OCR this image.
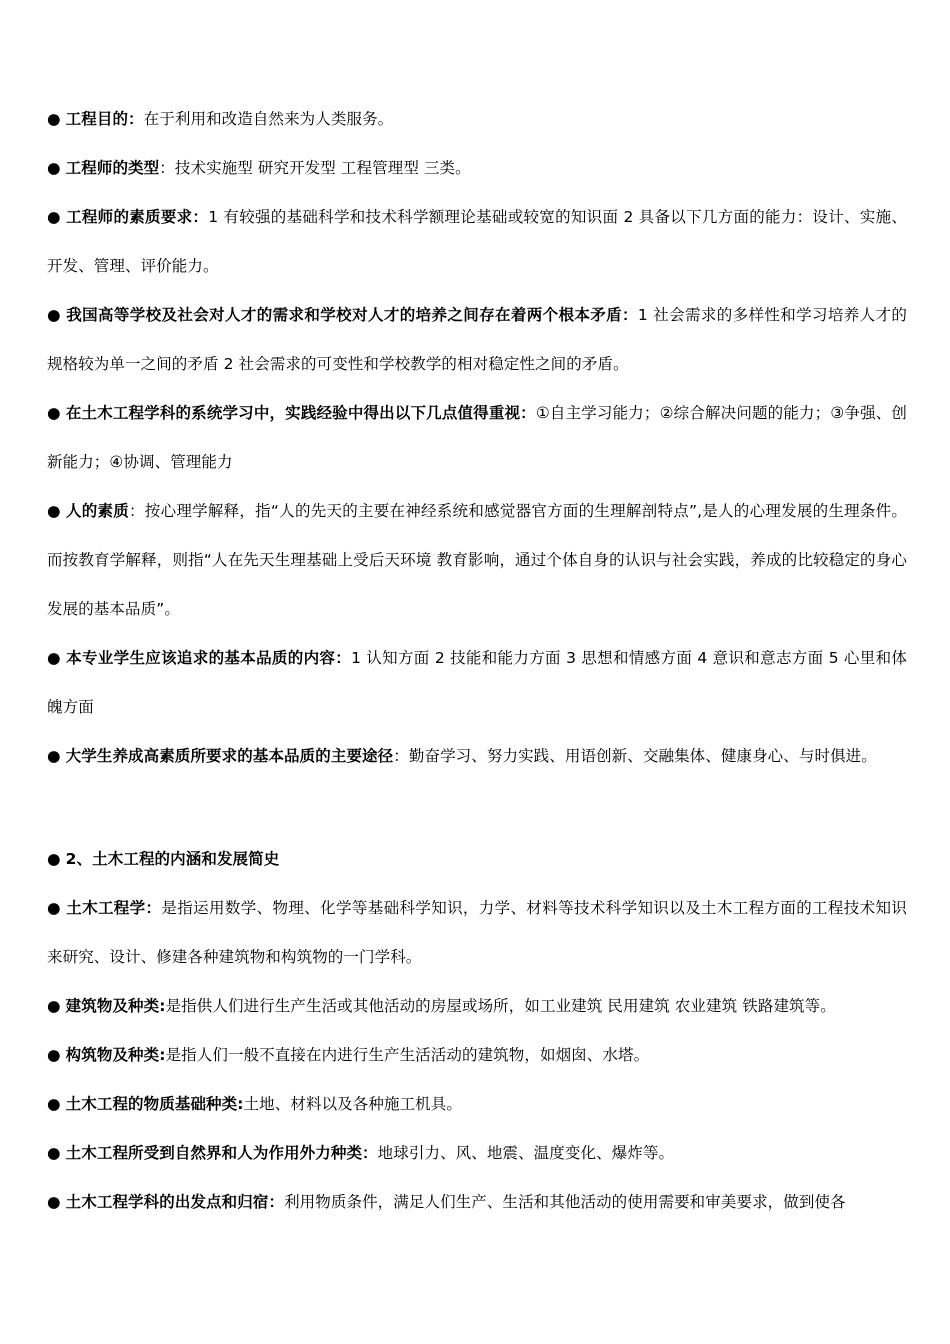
● 工程目的：在于利用和改造自然来为人类服务。

● 工程师的类型：技术实施型 研究开发型 工程管理型 三类。

● 工程师的素质要求：1 有较强的基础科学和技术科学额理论基础或较宽的知识面 2 具备以下几方面的能力：设计、实施、开发、管理、评价能力。

● 我国高等学校及社会对人才的需求和学校对人才的培养之间存在着两个根本矛盾：1 社会需求的多样性和学习培养人才的规格较为单一之间的矛盾 2 社会需求的可变性和学校教学的相对稳定性之间的矛盾。

● 在土木工程学科的系统学习中，实践经验中得出以下几点值得重视：①自主学习能力；②综合解决问题的能力；③争强、创新能力；④协调、管理能力

● 人的素质：按心理学解释，指“人的先天的主要在神经系统和感觉器官方面的生理解剖特点”,是人的心理发展的生理条件。而按教育学解释，则指“人在先天生理基础上受后天环境 教育影响，通过个体自身的认识与社会实践，养成的比较稳定的身心发展的基本品质”。

● 本专业学生应该追求的基本品质的内容：1 认知方面 2 技能和能力方面 3 思想和情感方面 4 意识和意志方面 5 心里和体魄方面

● 大学生养成高素质所要求的基本品质的主要途径：勤奋学习、努力实践、用语创新、交融集体、健康身心、与时俱进。

● 2、土木工程的内涵和发展简史

● 土木工程学：是指运用数学、物理、化学等基础科学知识，力学、材料等技术科学知识以及土木工程方面的工程技术知识来研究、设计、修建各种建筑物和构筑物的一门学科。

● 建筑物及种类:是指供人们进行生产生活或其他活动的房屋或场所，如工业建筑 民用建筑 农业建筑 铁路建筑等。

● 构筑物及种类:是指人们一般不直接在内进行生产生活活动的建筑物，如烟囱、水塔。

● 土木工程的物质基础种类:土地、材料以及各种施工机具。

● 土木工程所受到自然界和人为作用外力种类：地球引力、风、地震、温度变化、爆炸等。

● 土木工程学科的出发点和归宿：利用物质条件，满足人们生产、生活和其他活动的使用需要和审美要求，做到使各
